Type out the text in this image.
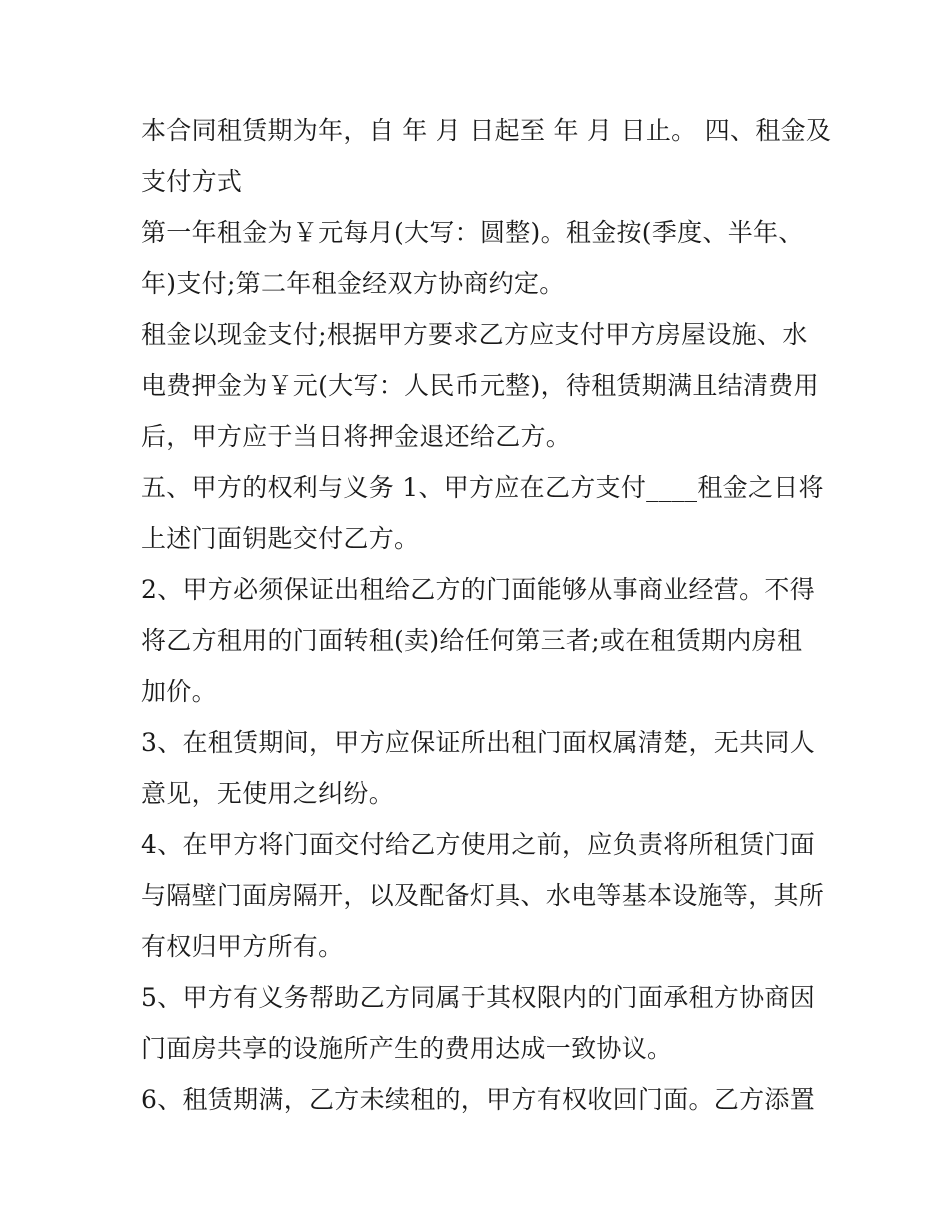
本合同租赁期为年，自 年 月 日起至 年 月 日止。 四、租金及
支付方式
第一年租金为￥元每月(大写：圆整)。租金按(季度、半年、
年)支付;第二年租金经双方协商约定。
租金以现金支付;根据甲方要求乙方应支付甲方房屋设施、水
电费押金为￥元(大写：人民币元整)，待租赁期满且结清费用
后，甲方应于当日将押金退还给乙方。
五、甲方的权利与义务 1、甲方应在乙方支付____租金之日将
上述门面钥匙交付乙方。
2、甲方必须保证出租给乙方的门面能够从事商业经营。不得
将乙方租用的门面转租(卖)给任何第三者;或在租赁期内房租
加价。
3、在租赁期间，甲方应保证所出租门面权属清楚，无共同人
意见，无使用之纠纷。
4、在甲方将门面交付给乙方使用之前，应负责将所租赁门面
与隔壁门面房隔开，以及配备灯具、水电等基本设施等，其所
有权归甲方所有。
5、甲方有义务帮助乙方同属于其权限内的门面承租方协商因
门面房共享的设施所产生的费用达成一致协议。
6、租赁期满，乙方未续租的，甲方有权收回门面。乙方添置
